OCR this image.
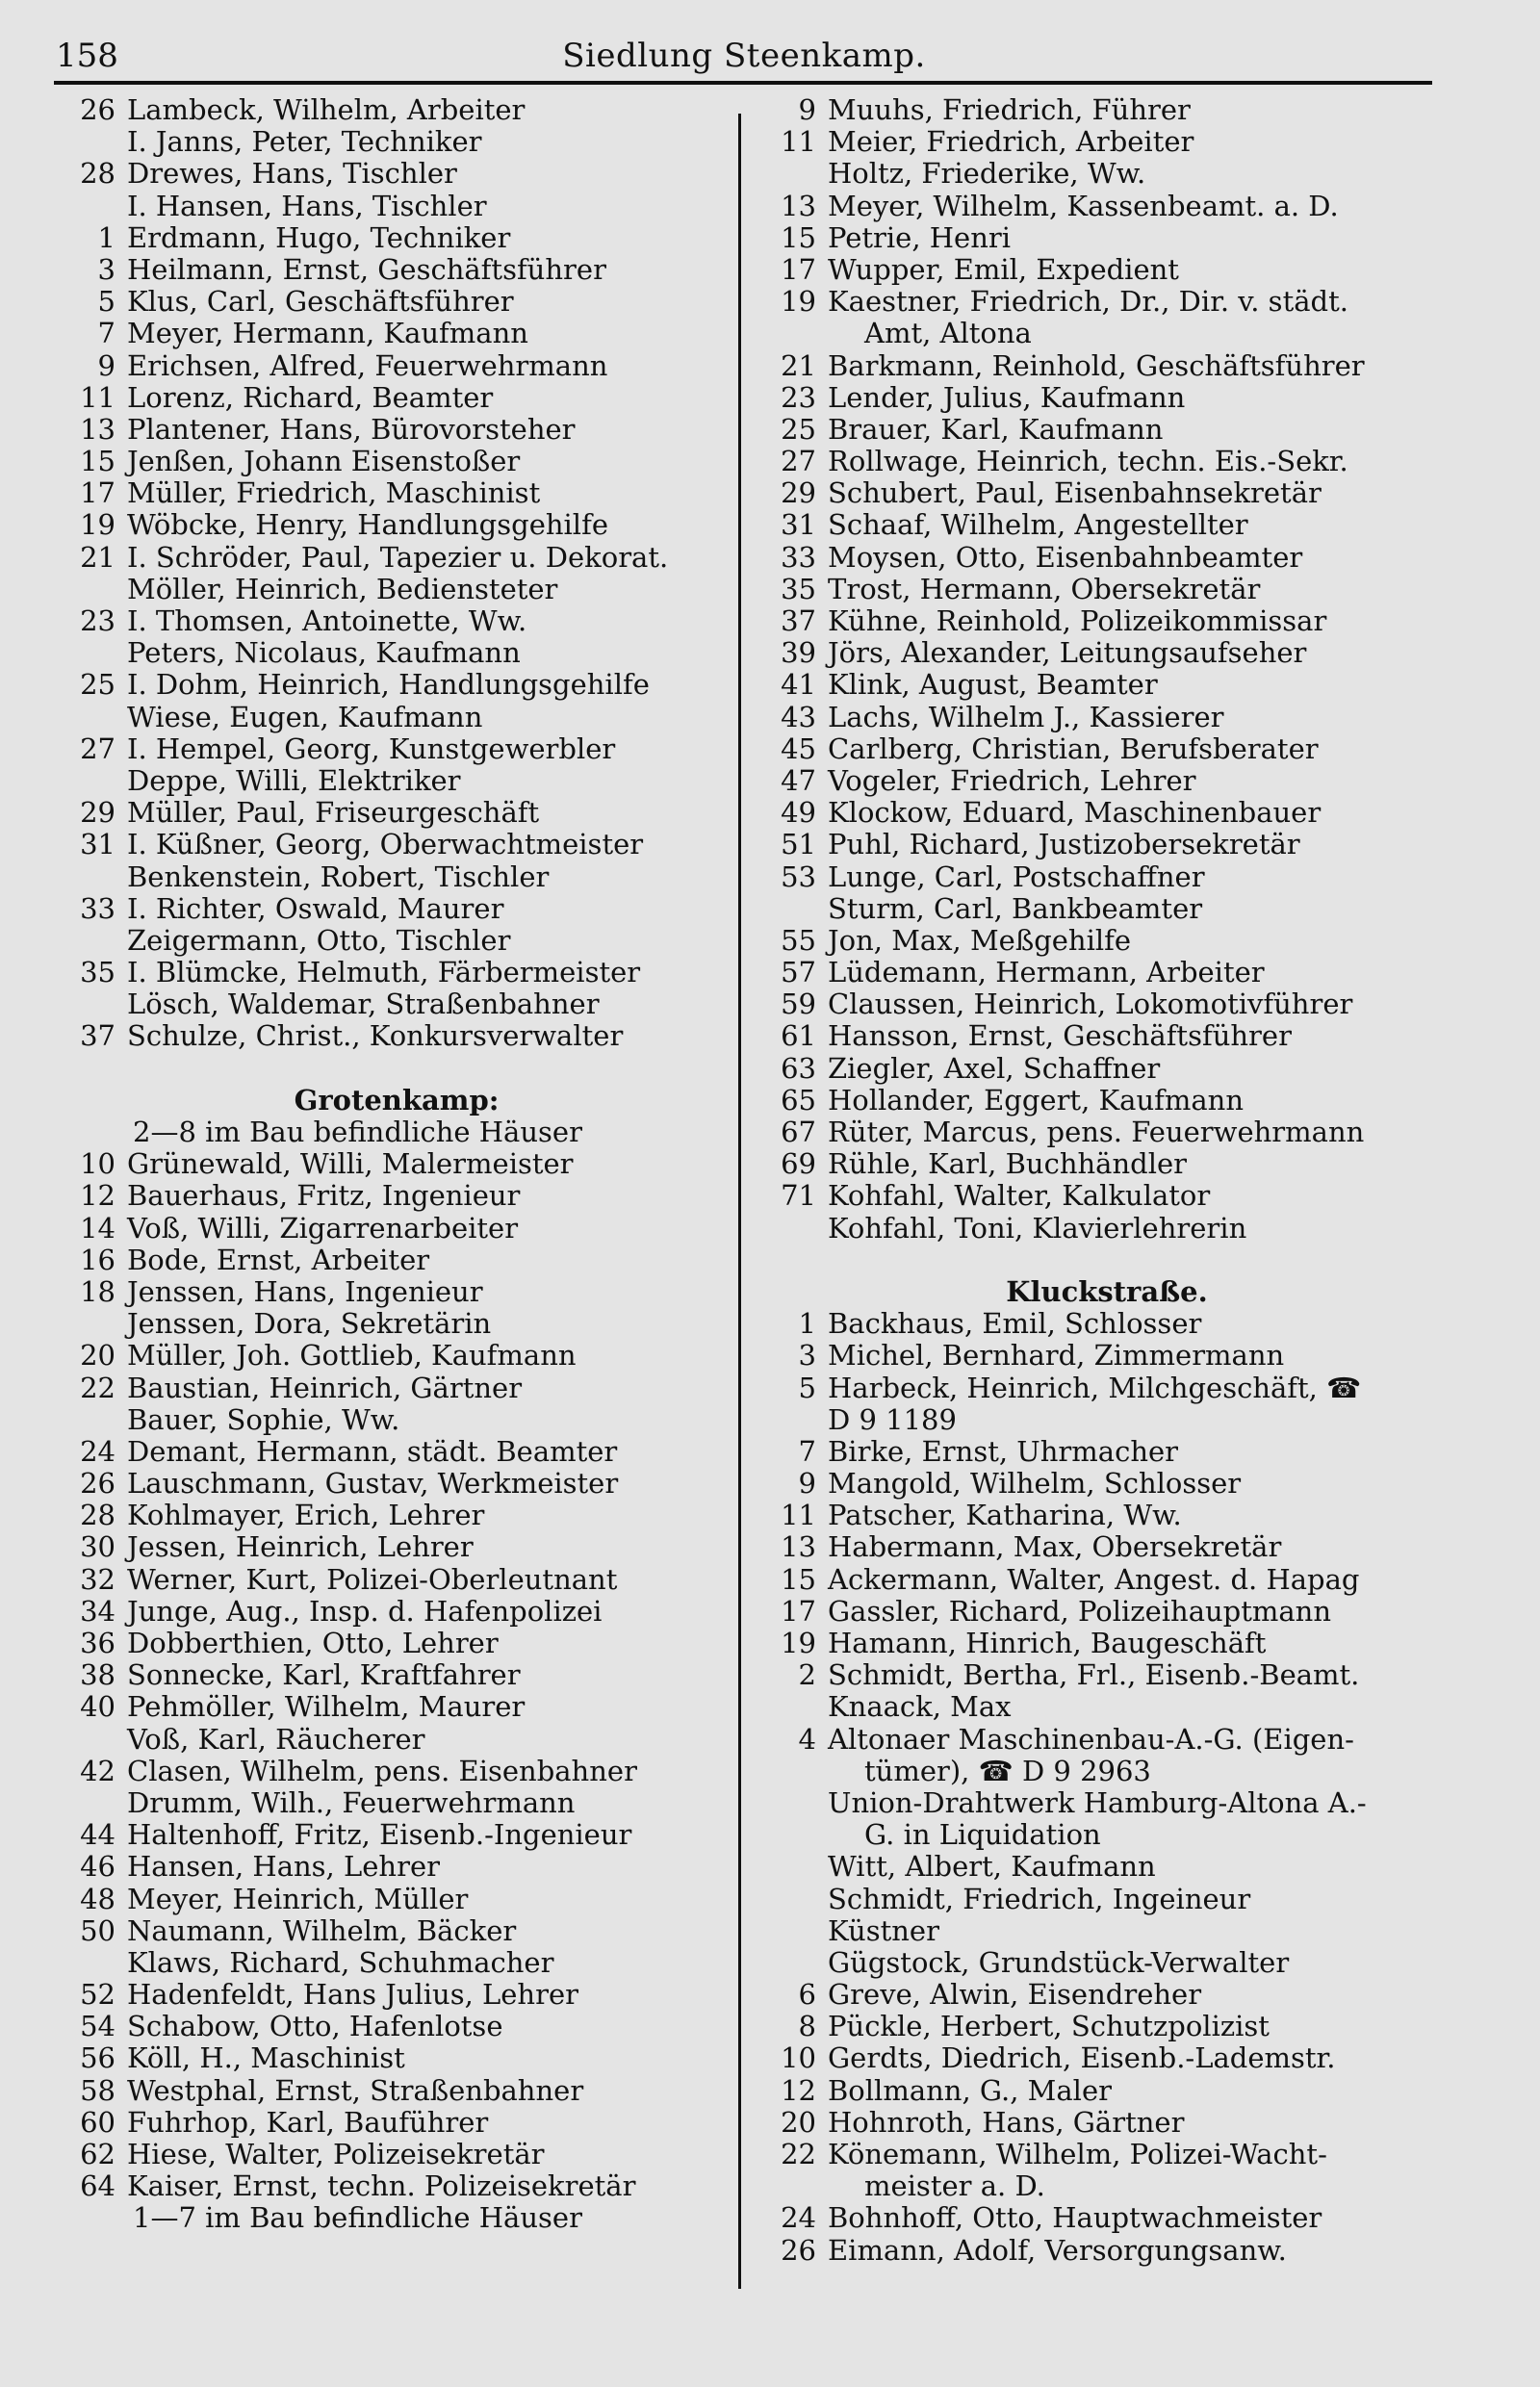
158	Siedlung Steenkamp.
26 Lambeck, Wilhelm, Arbeiter
I. Janns, Peter, Techniker
28 Drewes, Hans, Tischler
I. Hansen, Hans, Tischler
1 Erdmann, Hugo, Techniker
3 Heilmann, Ernst, Geschäftsführer
5 Klus, Carl, Geschäftsführer
7 Meyer, Hermann, Kaufmann
9 Erichsen, Alfred, Feuerwehrmann
11 Lorenz, Richard, Beamter
13 Plantener, Hans, Bürovorsteher
15 Jenßen, Johann Eisenstoßer
17 Müller, Friedrich, Maschinist
19 Wöbcke, Henry, Handlungsgehilfe
21 I. Schröder, Paul, Tapezier u. Dekorat.
Möller, Heinrich, Bediensteter
23 I. Thomsen, Antoinette, Ww.
Peters, Nicolaus, Kaufmann
25 I. Dohm, Heinrich, Handlungsgehilfe
Wiese, Eugen, Kaufmann
27 I. Hempel, Georg, Kunstgewerbler
Deppe, Willi, Elektriker
29 Müller, Paul, Friseurgeschäft
31 I. Küßner, Georg, Oberwachtmeister
Benkenstein, Robert, Tischler
33 I. Richter, Oswald, Maurer
Zeigermann, Otto, Tischler
35 I. Blümcke, Helmuth, Färbermeister
Lösch, Waldemar, Straßenbahner
37 Schulze, Christ., Konkursverwalter
Grotenkamp:
2—8 im Bau befindliche Häuser
10 Grünewald, Willi, Malermeister
12 Bauerhaus, Fritz, Ingenieur
14 Voß, Willi, Zigarrenarbeiter
16 Bode, Ernst, Arbeiter
18 Jenssen, Hans, Ingenieur
Jenssen, Dora, Sekretärin
20 Müller, Joh. Gottlieb, Kaufmann
22 Baustian, Heinrich, Gärtner
Bauer, Sophie, Ww.
24 Demant, Hermann, städt. Beamter
26 Lauschmann, Gustav, Werkmeister
28 Kohlmayer, Erich, Lehrer
30 Jessen, Heinrich, Lehrer
32 Werner, Kurt, Polizei-Oberleutnant
34 Junge, Aug., Insp. d. Hafenpolizei
36 Dobberthien, Otto, Lehrer
38 Sonnecke, Karl, Kraftfahrer
40 Pehmöller, Wilhelm, Maurer
Voß, Karl, Räucherer
42 Clasen, Wilhelm, pens. Eisenbahner
Drumm, Wilh., Feuerwehrmann
44 Haltenhoff, Fritz, Eisenb.-Ingenieur
46 Hansen, Hans, Lehrer
48 Meyer, Heinrich, Müller
50 Naumann, Wilhelm, Bäcker
Klaws, Richard, Schuhmacher
52 Hadenfeldt, Hans Julius, Lehrer
54 Schabow, Otto, Hafenlotse
56 Köll, H., Maschinist
58 Westphal, Ernst, Straßenbahner
60 Fuhrhop, Karl, Bauführer
62 Hiese, Walter, Polizeisekretär
64 Kaiser, Ernst, techn. Polizeisekretär
1—7 im Bau befindliche Häuser
9 Muuhs, Friedrich, Führer
11 Meier, Friedrich, Arbeiter
Holtz, Friederike, Ww.
13 Meyer, Wilhelm, Kassenbeamt. a. D.
15 Petrie, Henri
17 Wupper, Emil, Expedient
19 Kaestner, Friedrich, Dr., Dir. v. städt.
Amt, Altona
21 Barkmann, Reinhold, Geschäftsführer
23 Lender, Julius, Kaufmann
25 Brauer, Karl, Kaufmann
27 Rollwage, Heinrich, techn. Eis.-Sekr.
29 Schubert, Paul, Eisenbahnsekretär
31 Schaaf, Wilhelm, Angestellter
33 Moysen, Otto, Eisenbahnbeamter
35 Trost, Hermann, Obersekretär
37 Kühne, Reinhold, Polizeikommissar
39 Jörs, Alexander, Leitungsaufseher
41 Klink, August, Beamter
43 Lachs, Wilhelm J., Kassierer
45 Carlberg, Christian, Berufsberater
47 Vogeler, Friedrich, Lehrer
49 Klockow, Eduard, Maschinenbauer
51 Puhl, Richard, Justizobersekretär
53 Lunge, Carl, Postschaffner
Sturm, Carl, Bankbeamter
55 Jon, Max, Meßgehilfe
57 Lüdemann, Hermann, Arbeiter
59 Claussen, Heinrich, Lokomotivführer
61 Hansson, Ernst, Geschäftsführer
63 Ziegler, Axel, Schaffner
65 Hollander, Eggert, Kaufmann
67 Rüter, Marcus, pens. Feuerwehrmann
69 Rühle, Karl, Buchhändler
71 Kohfahl, Walter, Kalkulator
Kohfahl, Toni, Klavierlehrerin
Kluckstraße.
1 Backhaus, Emil, Schlosser
3 Michel, Bernhard, Zimmermann
5 Harbeck, Heinrich, Milchgeschäft, ☎
D 9 1189
7 Birke, Ernst, Uhrmacher
9 Mangold, Wilhelm, Schlosser
11 Patscher, Katharina, Ww.
13 Habermann, Max, Obersekretär
15 Ackermann, Walter, Angest. d. Hapag
17 Gassler, Richard, Polizeihauptmann
19 Hamann, Hinrich, Baugeschäft
2 Schmidt, Bertha, Frl., Eisenb.-Beamt.
Knaack, Max
4 Altonaer Maschinenbau-A.-G. (Eigen-
tümer), ☎ D 9 2963
Union-Drahtwerk Hamburg-Altona A.-
G. in Liquidation
Witt, Albert, Kaufmann
Schmidt, Friedrich, Ingeineur
Küstner
Gügstock, Grundstück-Verwalter
6 Greve, Alwin, Eisendreher
8 Pückle, Herbert, Schutzpolizist
10 Gerdts, Diedrich, Eisenb.-Lademstr.
12 Bollmann, G., Maler
20 Hohnroth, Hans, Gärtner
22 Könemann, Wilhelm, Polizei-Wacht-
meister a. D.
24 Bohnhoff, Otto, Hauptwachmeister
26 Eimann, Adolf, Versorgungsanw.
